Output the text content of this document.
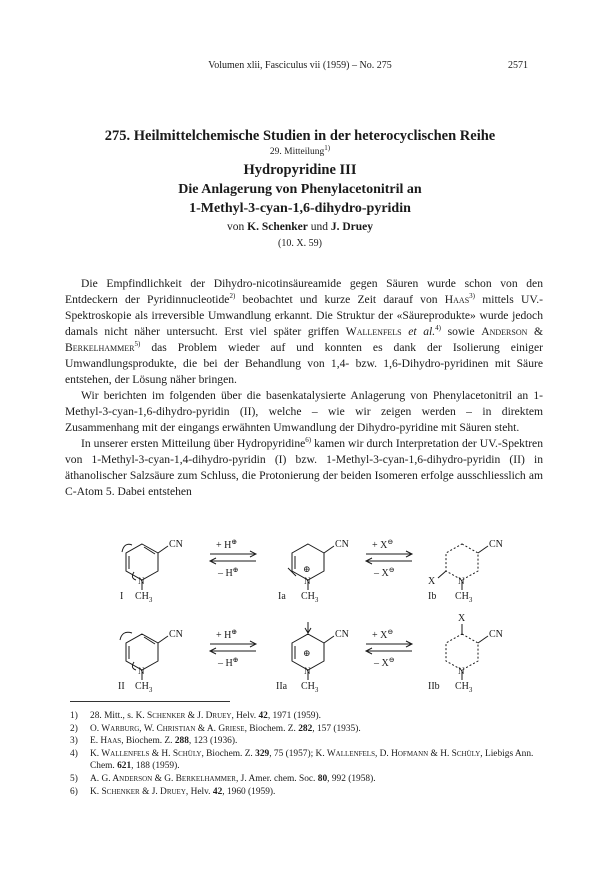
Volumen xlii, Fasciculus vii (1959) – No. 275	2571
275. Heilmittelchemische Studien in der heterocyclischen Reihe
29. Mitteilung$^{1)}$
Hydropyridine III
Die Anlagerung von Phenylacetonitril an
1-Methyl-3-cyan-1,6-dihydro-pyridin
von K. Schenker und J. Druey
(10. X. 59)

Die Empfindlichkeit der Dihydro-nicotinsäureamide gegen Säuren wurde schon von den Entdeckern der Pyridinnucleotide$^{2)}$ beobachtet und kurze Zeit darauf von Haas$^{3)}$ mittels UV.-Spektroskopie als irreversible Umwandlung erkannt. Die Struktur der «Säureprodukte» wurde jedoch damals nicht näher untersucht. Erst viel später griffen Wallenfels et al.$^{4)}$ sowie Anderson & Berkelhammer$^{5)}$ das Problem wieder auf und konnten es dank der Isolierung einiger Umwandlungsprodukte, die bei der Behandlung von 1,4- bzw. 1,6-Dihydro-pyridinen mit Säure entstehen, der Lösung näher bringen.

Wir berichten im folgenden über die basenkatalysierte Anlagerung von Phenylacetonitril an 1-Methyl-3-cyan-1,6-dihydro-pyridin (II), welche – wie wir zeigen werden – in direktem Zusammenhang mit der eingangs erwähnten Umwandlung der Dihydro-pyridine mit Säuren steht.

In unserer ersten Mitteilung über Hydropyridine$^{6)}$ kamen wir durch Interpretation der UV.-Spektren von 1-Methyl-3-cyan-1,4-dihydro-pyridin (I) bzw. 1-Methyl-3-cyan-1,6-dihydro-pyridin (II) in äthanolischer Salzsäure zum Schluss, die Protonierung der beiden Isomeren erfolge ausschliesslich am C-Atom 5. Dabei entstehen

CN
N
$CH_3$
I
+ H⊕
– H⊕
CN
N
⊕
$CH_3$
Ia
+ X⊖
– X⊖
CN
X	N
$CH_3$
Ib
CN
N
$CH_3$
II
+ H⊕
– H⊕
CN
N
⊕
$CH_3$
IIa
+ X⊖
– X⊖
CN
X
N
$CH_3$
IIb
1) 28. Mitt., s. K. Schenker & J. Druey, Helv. 42, 1971 (1959).
2) O. Warburg, W. Christian & A. Griese, Biochem. Z. 282, 157 (1935).
3) E. Haas, Biochem. Z. 288, 123 (1936).
4) K. Wallenfels & H. Schüly, Biochem. Z. 329, 75 (1957); K. Wallenfels, D. Hofmann & H. Schüly, Liebigs Ann. Chem. 621, 188 (1959).
5) A. G. Anderson & G. Berkelhammer, J. Amer. chem. Soc. 80, 992 (1958).
6) K. Schenker & J. Druey, Helv. 42, 1960 (1959).
